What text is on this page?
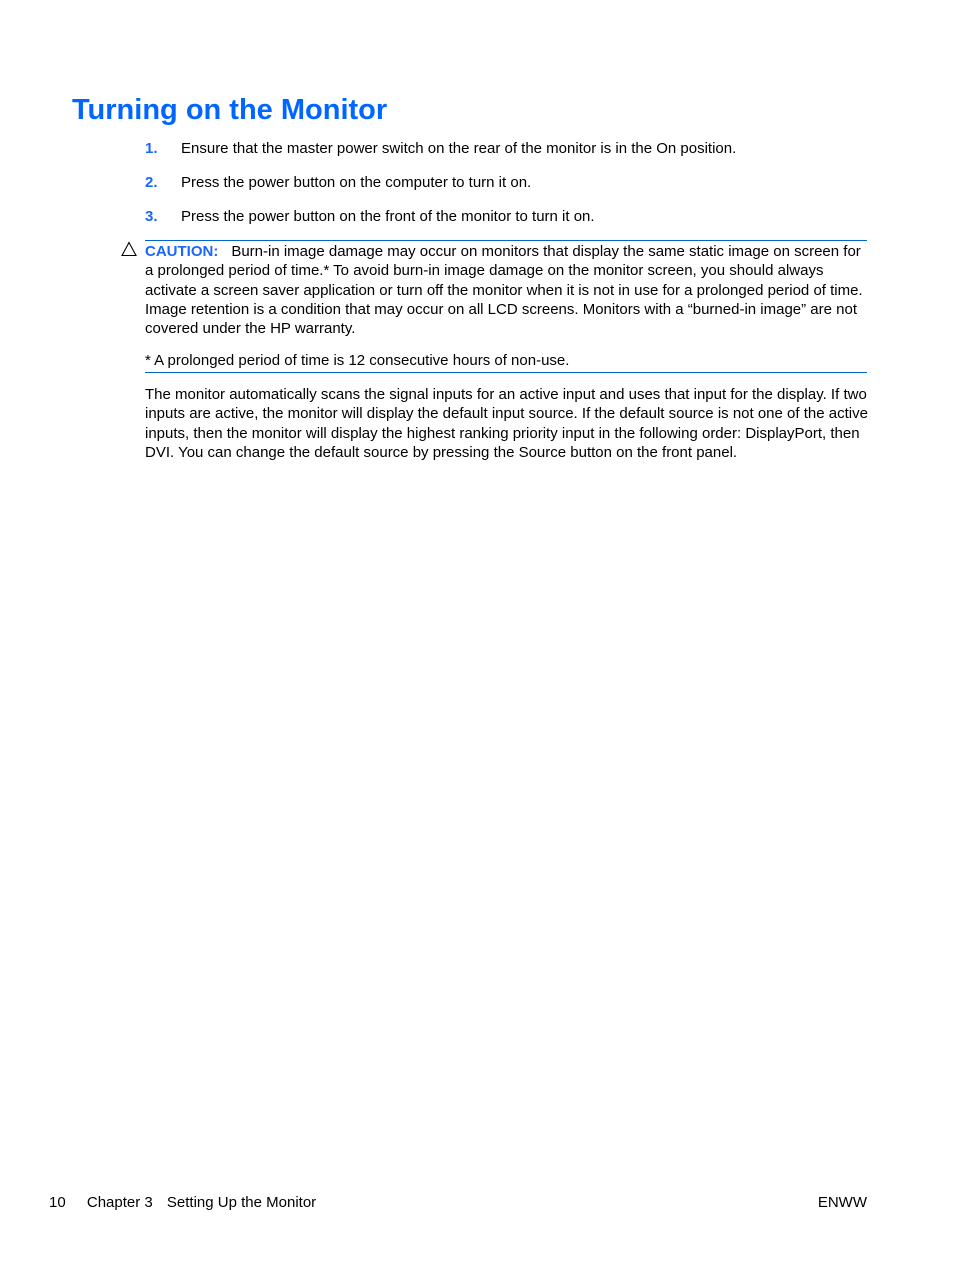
Turning on the Monitor
1. Ensure that the master power switch on the rear of the monitor is in the On position.
2. Press the power button on the computer to turn it on.
3. Press the power button on the front of the monitor to turn it on.

CAUTION: Burn-in image damage may occur on monitors that display the same static image on screen for a prolonged period of time.* To avoid burn-in image damage on the monitor screen, you should always activate a screen saver application or turn off the monitor when it is not in use for a prolonged period of time. Image retention is a condition that may occur on all LCD screens. Monitors with a “burned-in image” are not covered under the HP warranty.

* A prolonged period of time is 12 consecutive hours of non-use.

The monitor automatically scans the signal inputs for an active input and uses that input for the display. If two inputs are active, the monitor will display the default input source. If the default source is not one of the active inputs, then the monitor will display the highest ranking priority input in the following order: DisplayPort, then DVI. You can change the default source by pressing the Source button on the front panel.

10 Chapter 3 Setting Up the Monitor	ENWW
